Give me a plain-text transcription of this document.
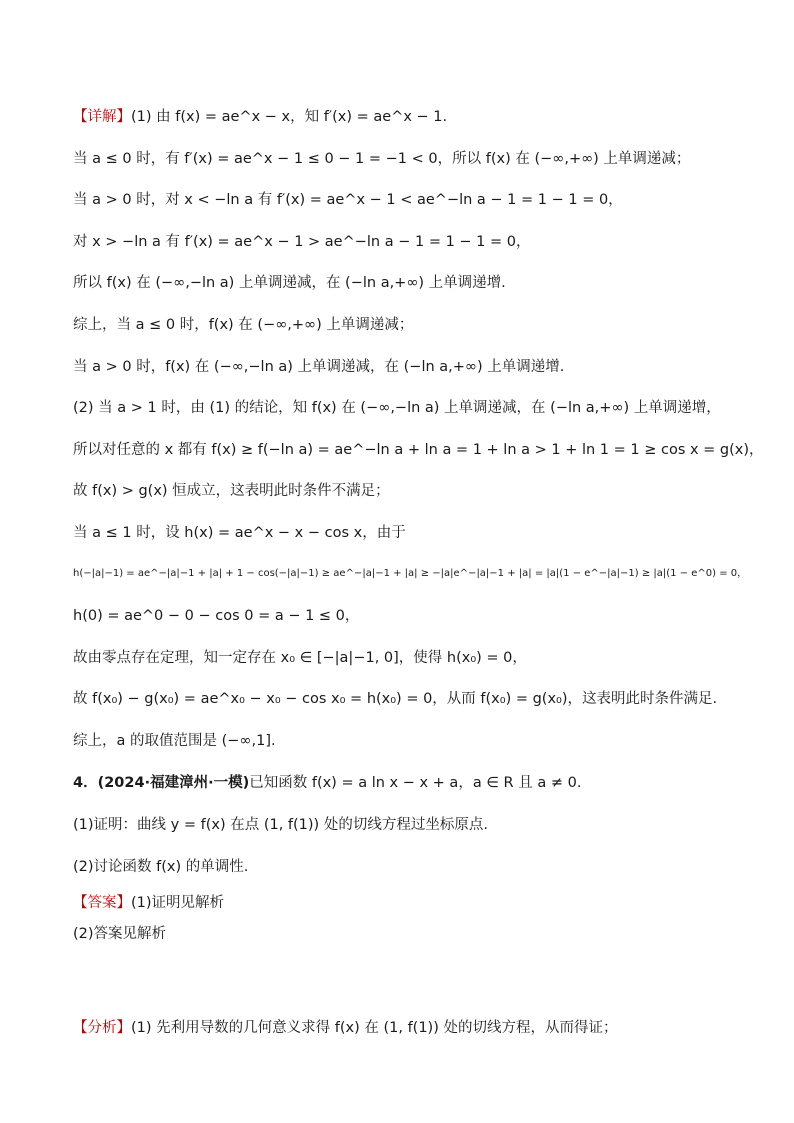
【详解】(1) 由 f(x) = ae^x − x，知 f′(x) = ae^x − 1.
当 a ≤ 0 时，有 f′(x) = ae^x − 1 ≤ 0 − 1 = −1 < 0，所以 f(x) 在 (−∞,+∞) 上单调递减；
当 a > 0 时，对 x < −ln a 有 f′(x) = ae^x − 1 < ae^−ln a − 1 = 1 − 1 = 0，
对 x > −ln a 有 f′(x) = ae^x − 1 > ae^−ln a − 1 = 1 − 1 = 0，
所以 f(x) 在 (−∞,−ln a) 上单调递减，在 (−ln a,+∞) 上单调递增.
综上，当 a ≤ 0 时，f(x) 在 (−∞,+∞) 上单调递减；
当 a > 0 时，f(x) 在 (−∞,−ln a) 上单调递减，在 (−ln a,+∞) 上单调递增.
(2) 当 a > 1 时，由 (1) 的结论，知 f(x) 在 (−∞,−ln a) 上单调递减，在 (−ln a,+∞) 上单调递增，
所以对任意的 x 都有 f(x) ≥ f(−ln a) = ae^−ln a + ln a = 1 + ln a > 1 + ln 1 = 1 ≥ cos x = g(x)，
故 f(x) > g(x) 恒成立，这表明此时条件不满足；
当 a ≤ 1 时，设 h(x) = ae^x − x − cos x，由于
h(−|a|−1) = ae^−|a|−1 + |a| + 1 − cos(−|a|−1) ≥ ae^−|a|−1 + |a| ≥ −|a|e^−|a|−1 + |a| = |a|(1 − e^−|a|−1) ≥ |a|(1 − e^0) = 0，
h(0) = ae^0 − 0 − cos 0 = a − 1 ≤ 0，
故由零点存在定理，知一定存在 x₀ ∈ [−|a|−1, 0]，使得 h(x₀) = 0，
故 f(x₀) − g(x₀) = ae^x₀ − x₀ − cos x₀ = h(x₀) = 0，从而 f(x₀) = g(x₀)，这表明此时条件满足.
综上，a 的取值范围是 (−∞,1].
4．(2024·福建漳州·一模)已知函数 f(x) = a ln x − x + a，a ∈ R 且 a ≠ 0.
(1)证明：曲线 y = f(x) 在点 (1, f(1)) 处的切线方程过坐标原点.
(2)讨论函数 f(x) 的单调性.
【答案】(1)证明见解析
(2)答案见解析
【分析】(1) 先利用导数的几何意义求得 f(x) 在 (1, f(1)) 处的切线方程，从而得证；
